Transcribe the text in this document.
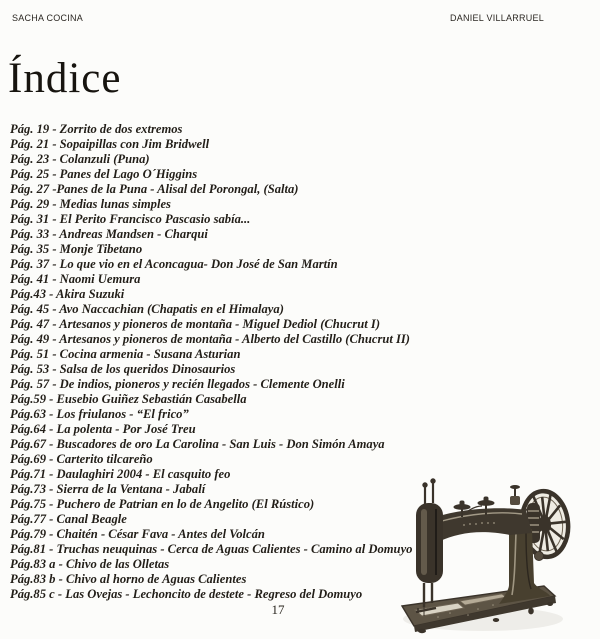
SACHA COCINA	DANIEL VILLARRUEL
Índice
Pág. 19 - Zorrito de dos extremos
Pág. 21 - Sopaipillas con Jim Bridwell
Pág. 23 - Colanzuli (Puna)
Pág. 25 - Panes del Lago O´Higgins
Pág. 27 -Panes de la Puna - Alisal del Porongal, (Salta)
Pág. 29 - Medias lunas simples
Pág. 31 - El Perito Francisco Pascasio sabía...
Pág. 33 - Andreas Mandsen - Charqui
Pág. 35 - Monje Tibetano
Pág. 37 - Lo que vio en el Aconcagua- Don José de San Martín
Pág. 41 - Naomi Uemura
Pág.43 - Akira Suzuki
Pág. 45 - Avo Naccachian (Chapatis en el Himalaya)
Pág. 47 - Artesanos y pioneros de montaña - Miguel Dediol (Chucrut I)
Pág. 49 - Artesanos y pioneros de montaña - Alberto del Castillo (Chucrut II)
Pág. 51 - Cocina armenia - Susana Asturian
Pág. 53 - Salsa de los queridos Dinosaurios
Pág. 57 - De indios, pioneros y recién llegados - Clemente Onelli
Pág.59 - Eusebio Guiñez Sebastián Casabella
Pág.63 - Los friulanos - “El frico”
Pág.64 - La polenta - Por José Treu
Pág.67 - Buscadores de oro La Carolina - San Luis - Don Simón Amaya
Pág.69 - Carterito tilcareño
Pág.71 - Daulaghiri 2004 - El casquito feo
Pág.73 - Sierra de la Ventana - Jabalí
Pág.75 - Puchero de Patrian en lo de Angelito (El Rústico)
Pág.77 - Canal Beagle
Pág.79 - Chaitén - César Fava - Antes del Volcán
Pág.81 - Truchas neuquinas - Cerca de Aguas Calientes - Camino al Domuyo
Pág.83 a - Chivo de las Olletas
Pág.83 b - Chivo al horno de Aguas Calientes
Pág.85 c - Las Ovejas - Lechoncito de destete - Regreso del Domuyo
17
